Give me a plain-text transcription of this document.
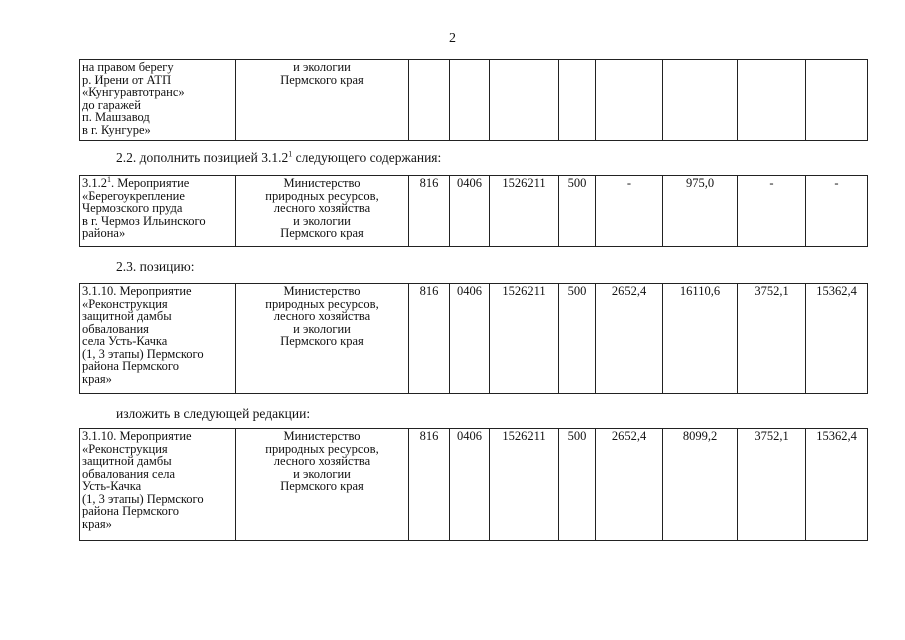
2
на правом берегу
р. Ирени от АТП
«Кунгуравтотранс»
до гаражей
п. Машзавод
в г. Кунгуре»	и экологии
Пермского края								
2.2. дополнить позицией 3.1.2$^1$ следующего содержания:
3.1.2$^1$. Мероприятие
«Берегоукрепление
Чермозского пруда
в г. Чермоз Ильинского
района»	Министерство
природных ресурсов,
лесного хозяйства
и экологии
Пермского края	816	0406	1526211	500	-	975,0	-	-
2.3. позицию:
3.1.10. Мероприятие
«Реконструкция
защитной дамбы
обвалования
села Усть-Качка
(1, 3 этапы) Пермского
района Пермского
края»	Министерство
природных ресурсов,
лесного хозяйства
и экологии
Пермского края	816	0406	1526211	500	2652,4	16110,6	3752,1	15362,4
изложить в следующей редакции:
3.1.10. Мероприятие
«Реконструкция
защитной дамбы
обвалования села
Усть-Качка
(1, 3 этапы) Пермского
района Пермского
края»	Министерство
природных ресурсов,
лесного хозяйства
и экологии
Пермского края	816	0406	1526211	500	2652,4	8099,2	3752,1	15362,4
